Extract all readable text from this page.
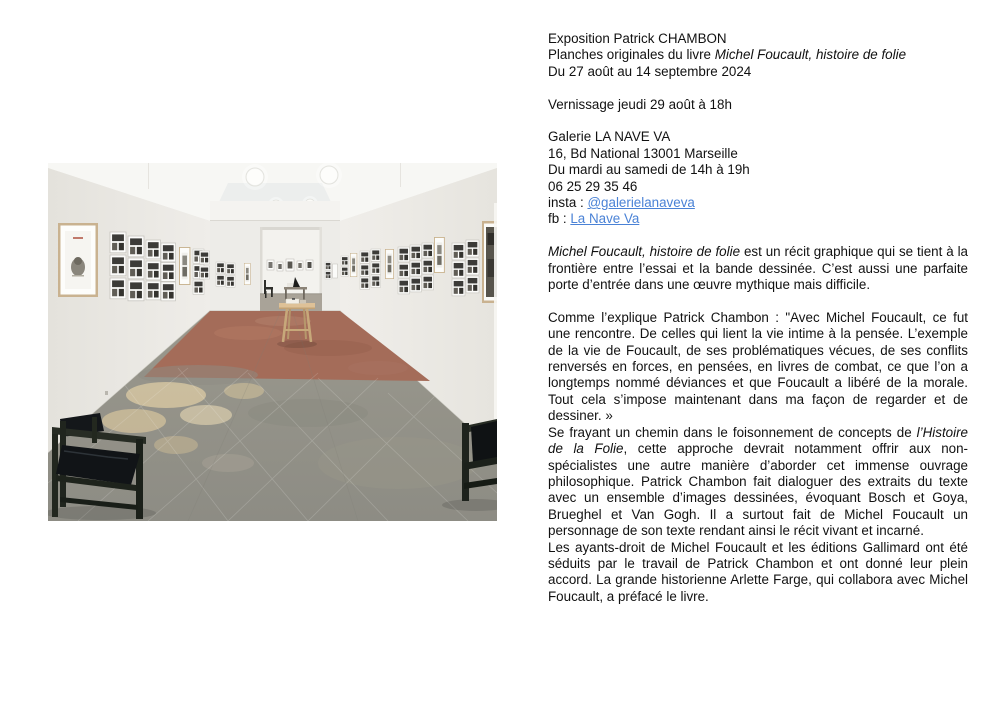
Exposition Patrick CHAMBON
Planches originales du livre Michel Foucault, histoire de folie
Du 27 août au 14 septembre 2024
Vernissage jeudi 29 août à 18h
Galerie LA NAVE VA
16, Bd National 13001 Marseille
Du mardi au samedi de 14h à 19h
06 25 29 35 46
insta : @galerielanaveva
fb : La Nave Va

Michel Foucault, histoire de folie est un récit graphique qui se tient à la frontière entre l’essai et la bande dessinée. C’est aussi une parfaite porte d’entrée dans une œuvre mythique mais difficile.

Comme l’explique Patrick Chambon : "Avec Michel Foucault, ce fut une rencontre. De celles qui lient la vie intime à la pensée. L’exemple de la vie de Foucault, de ses problématiques vécues, de ses conflits renversés en forces, en pensées, en livres de combat, ce que l’on a longtemps nommé déviances et que Foucault a libéré de la morale. Tout cela s’impose maintenant dans ma façon de regarder et de dessiner. »

Se frayant un chemin dans le foisonnement de concepts de l’Histoire de la Folie, cette approche devrait notamment offrir aux non-spécialistes une autre manière d’aborder cet immense ouvrage philosophique. Patrick Chambon fait dialoguer des extraits du texte avec un ensemble d’images dessinées, évoquant Bosch et Goya, Brueghel et Van Gogh. Il a surtout fait de Michel Foucault un personnage de son texte rendant ainsi le récit vivant et incarné.

Les ayants-droit de Michel Foucault et les éditions Gallimard ont été séduits par le travail de Patrick Chambon et ont donné leur plein accord. La grande historienne Arlette Farge, qui collabora avec Michel Foucault, a préfacé le livre.
